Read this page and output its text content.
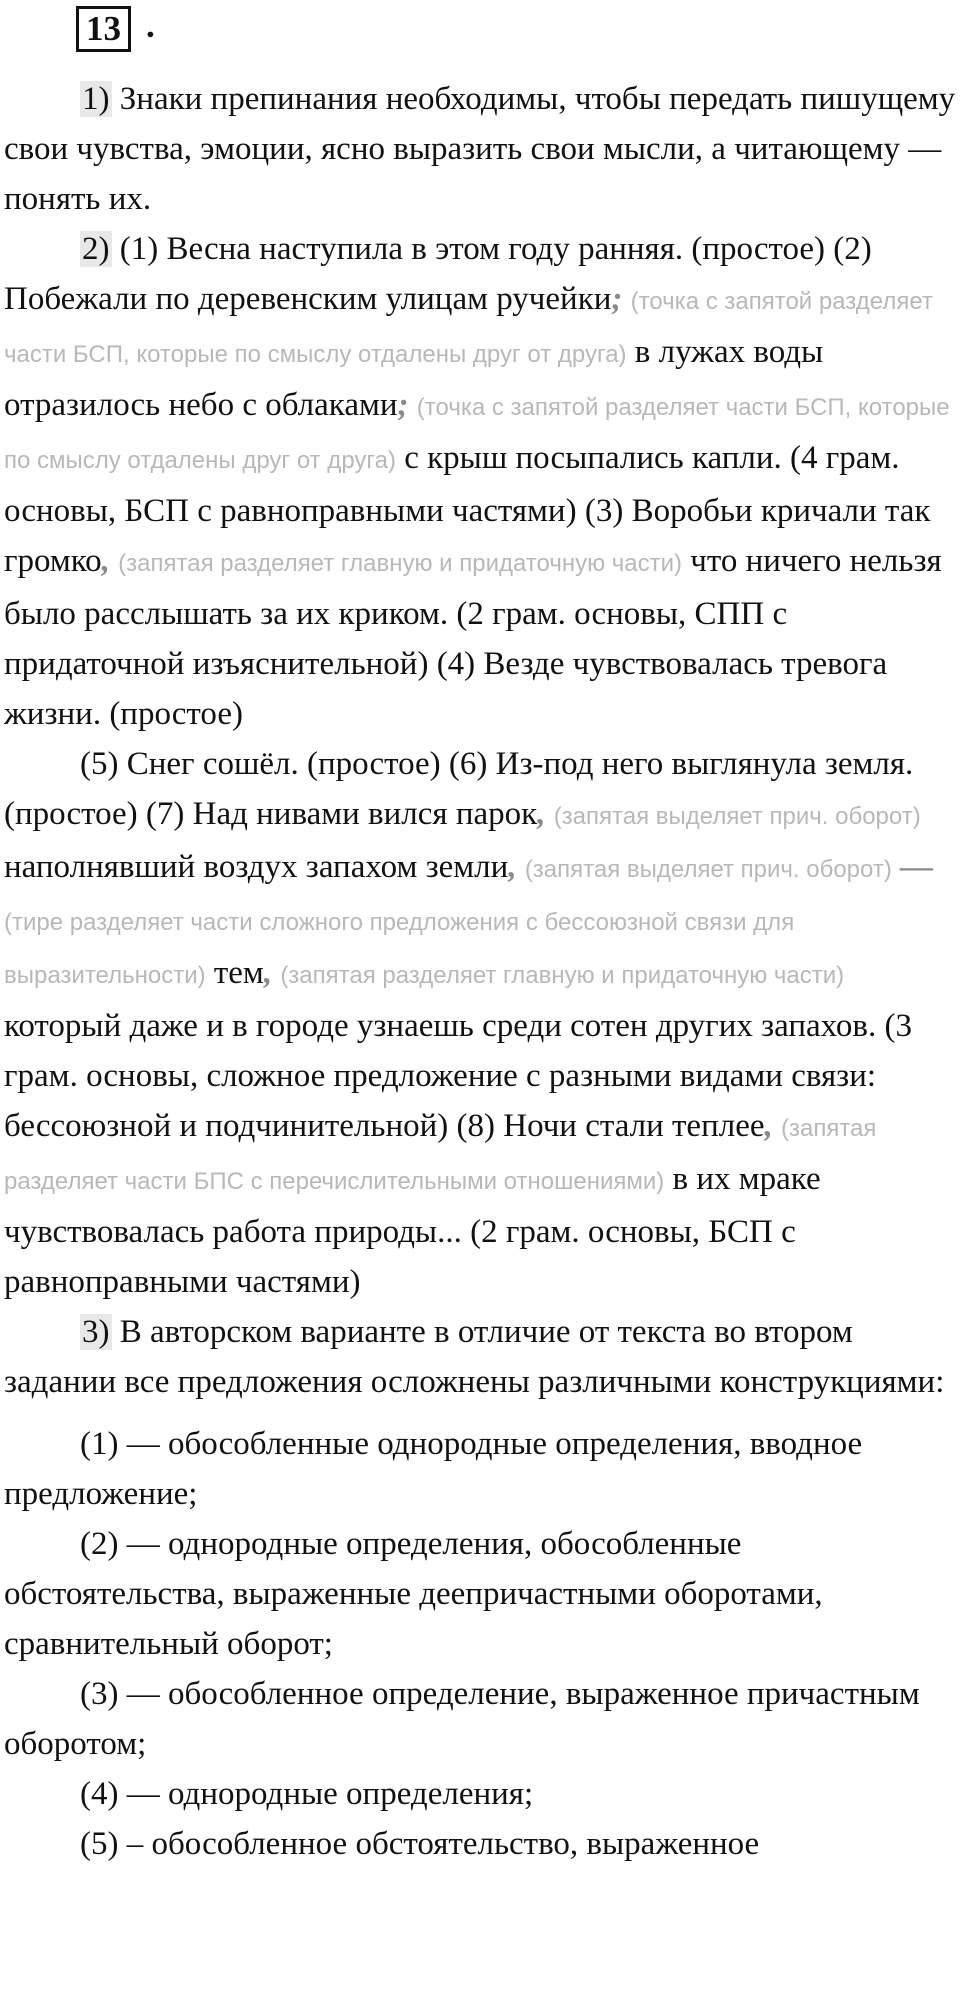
13 .

1) Знаки препинания необходимы, чтобы передать пишущему свои чувства, эмоции, ясно выразить свои мысли, а читающему — понять их.

2) (1) Весна наступила в этом году ранняя. (простое) (2) Побежали по деревенским улицам ручейки; (точка с запятой разделяет части БСП, которые по смыслу отдалены друг от друга) в лужах воды отразилось небо с облаками; (точка с запятой разделяет части БСП, которые по смыслу отдалены друг от друга) с крыш посыпались капли. (4 грам. основы, БСП с равноправными частями) (3) Воробьи кричали так громко, (запятая разделяет главную и придаточную части) что ничего нельзя было расслышать за их криком. (2 грам. основы, СПП с придаточной изъяснительной) (4) Везде чувствовалась тревога жизни. (простое)

(5) Снег сошёл. (простое) (6) Из-под него выглянула земля. (простое) (7) Над нивами вился парок, (запятая выделяет прич. оборот) наполнявший воздух запахом земли, (запятая выделяет прич. оборот) — (тире разделяет части сложного предложения с бессоюзной связи для выразительности) тем, (запятая разделяет главную и придаточную части) который даже и в городе узнаешь среди сотен других запахов. (3 грам. основы, сложное предложение с разными видами связи: бессоюзной и подчинительной) (8) Ночи стали теплее, (запятая разделяет части БПС с перечислительными отношениями) в их мраке чувствовалась работа природы... (2 грам. основы, БСП с равноправными частями)

3) В авторском варианте в отличие от текста во втором задании все предложения осложнены различными конструкциями:

(1) — обособленные однородные определения, вводное предложение;

(2) — однородные определения, обособленные обстоятельства, выраженные деепричастными оборотами, сравнительный оборот;

(3) — обособленное определение, выраженное причастным оборотом;

(4) — однородные определения;

(5) – обособленное обстоятельство, выраженное
